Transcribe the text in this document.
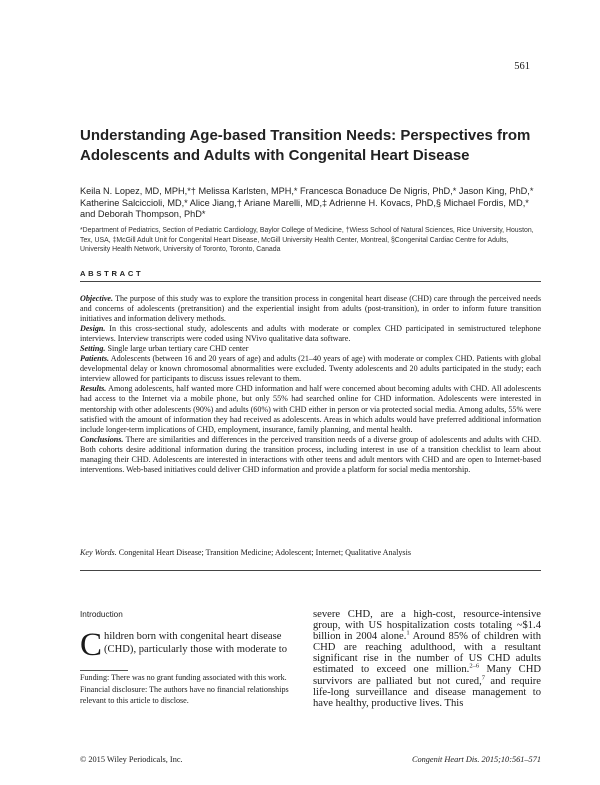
561
Understanding Age-based Transition Needs: Perspectives from Adolescents and Adults with Congenital Heart Disease
Keila N. Lopez, MD, MPH,*† Melissa Karlsten, MPH,* Francesca Bonaduce De Nigris, PhD,* Jason King, PhD,* Katherine Salciccioli, MD,* Alice Jiang,† Ariane Marelli, MD,‡ Adrienne H. Kovacs, PhD,§ Michael Fordis, MD,* and Deborah Thompson, PhD*
*Department of Pediatrics, Section of Pediatric Cardiology, Baylor College of Medicine, †Wiess School of Natural Sciences, Rice University, Houston, Tex, USA, ‡McGill Adult Unit for Congenital Heart Disease, McGill University Health Center, Montreal, §Congenital Cardiac Centre for Adults, University Health Network, University of Toronto, Toronto, Canada
ABSTRACT

Objective. The purpose of this study was to explore the transition process in congenital heart disease (CHD) care through the perceived needs and concerns of adolescents (pretransition) and the experiential insight from adults (post-transition), in order to inform future transition initiatives and information delivery methods.

Design. In this cross-sectional study, adolescents and adults with moderate or complex CHD participated in semistructured telephone interviews. Interview transcripts were coded using NVivo qualitative data software.

Setting. Single large urban tertiary care CHD center

Patients. Adolescents (between 16 and 20 years of age) and adults (21–40 years of age) with moderate or complex CHD. Patients with global developmental delay or known chromosomal abnormalities were excluded. Twenty adolescents and 20 adults participated in the study; each interview allowed for participants to discuss issues relevant to them.

Results. Among adolescents, half wanted more CHD information and half were concerned about becoming adults with CHD. All adolescents had access to the Internet via a mobile phone, but only 55% had searched online for CHD information. Adolescents were interested in mentorship with other adolescents (90%) and adults (60%) with CHD either in person or via protected social media. Among adults, 55% were satisfied with the amount of information they had received as adolescents. Areas in which adults would have preferred additional information include longer-term implications of CHD, employment, insurance, family planning, and mental health.

Conclusions. There are similarities and differences in the perceived transition needs of a diverse group of adolescents and adults with CHD. Both cohorts desire additional information during the transition process, including interest in use of a transition checklist to learn about managing their CHD. Adolescents are interested in interactions with other teens and adult mentors with CHD and are open to Internet-based interventions. Web-based initiatives could deliver CHD information and provide a platform for social media mentorship.

Key Words. Congenital Heart Disease; Transition Medicine; Adolescent; Internet; Qualitative Analysis
Introduction
Children born with congenital heart disease (CHD), particularly those with moderate to

Funding: There was no grant funding associated with this work.

Financial disclosure: The authors have no financial relationships relevant to this article to disclose.

severe CHD, are a high-cost, resource-intensive group, with US hospitalization costs totaling ~$1.4 billion in 2004 alone.$^1$ Around 85% of children with CHD are reaching adulthood, with a resultant significant rise in the number of US CHD adults estimated to exceed one million.$^{2-6}$ Many CHD survivors are palliated but not cured,$^7$ and require life-long surveillance and disease management to have healthy, productive lives. This
© 2015 Wiley Periodicals, Inc.	Congenit Heart Dis. 2015;10:561–571
